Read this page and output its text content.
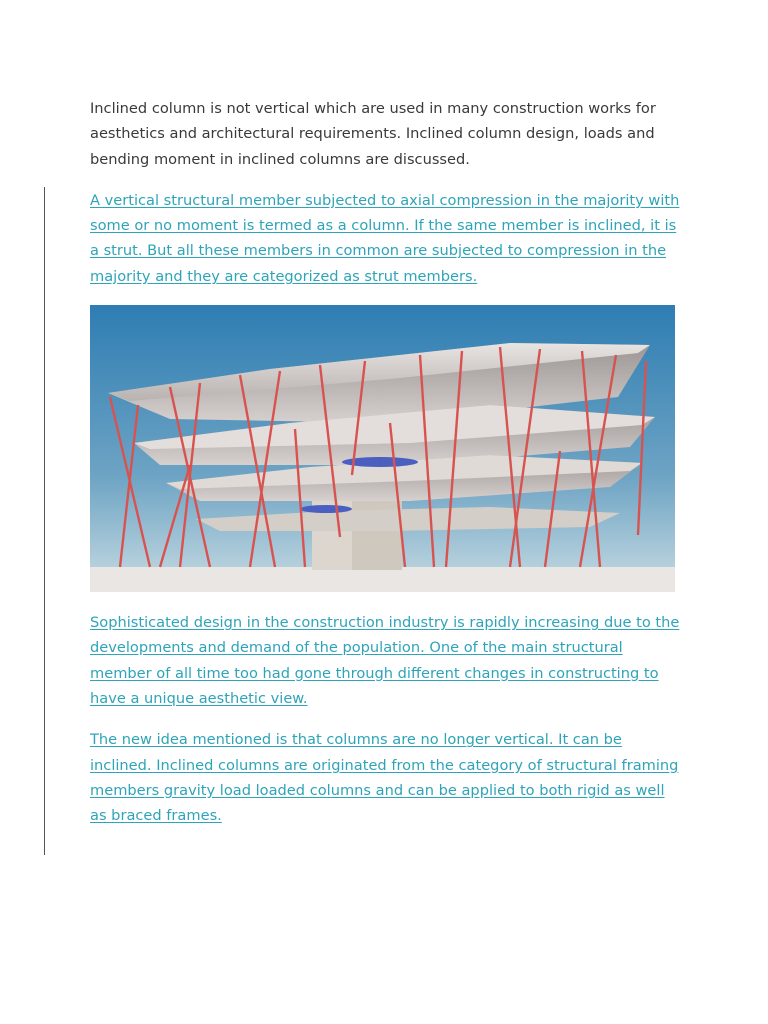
Inclined column is not vertical which are used in many construction works for aesthetics and architectural requirements. Inclined column design, loads and bending moment in inclined columns are discussed.

A vertical structural member subjected to axial compression in the majority with some or no moment is termed as a column. If the same member is inclined, it is a strut. But all these members in common are subjected to compression in the majority and they are categorized as strut members.

Sophisticated design in the construction industry is rapidly increasing due to the developments and demand of the population. One of the main structural member of all time too had gone through different changes in constructing to have a unique aesthetic view.

The new idea mentioned is that columns are no longer vertical. It can be inclined. Inclined columns are originated from the category of structural framing members gravity load loaded columns and can be applied to both rigid as well as braced frames.
